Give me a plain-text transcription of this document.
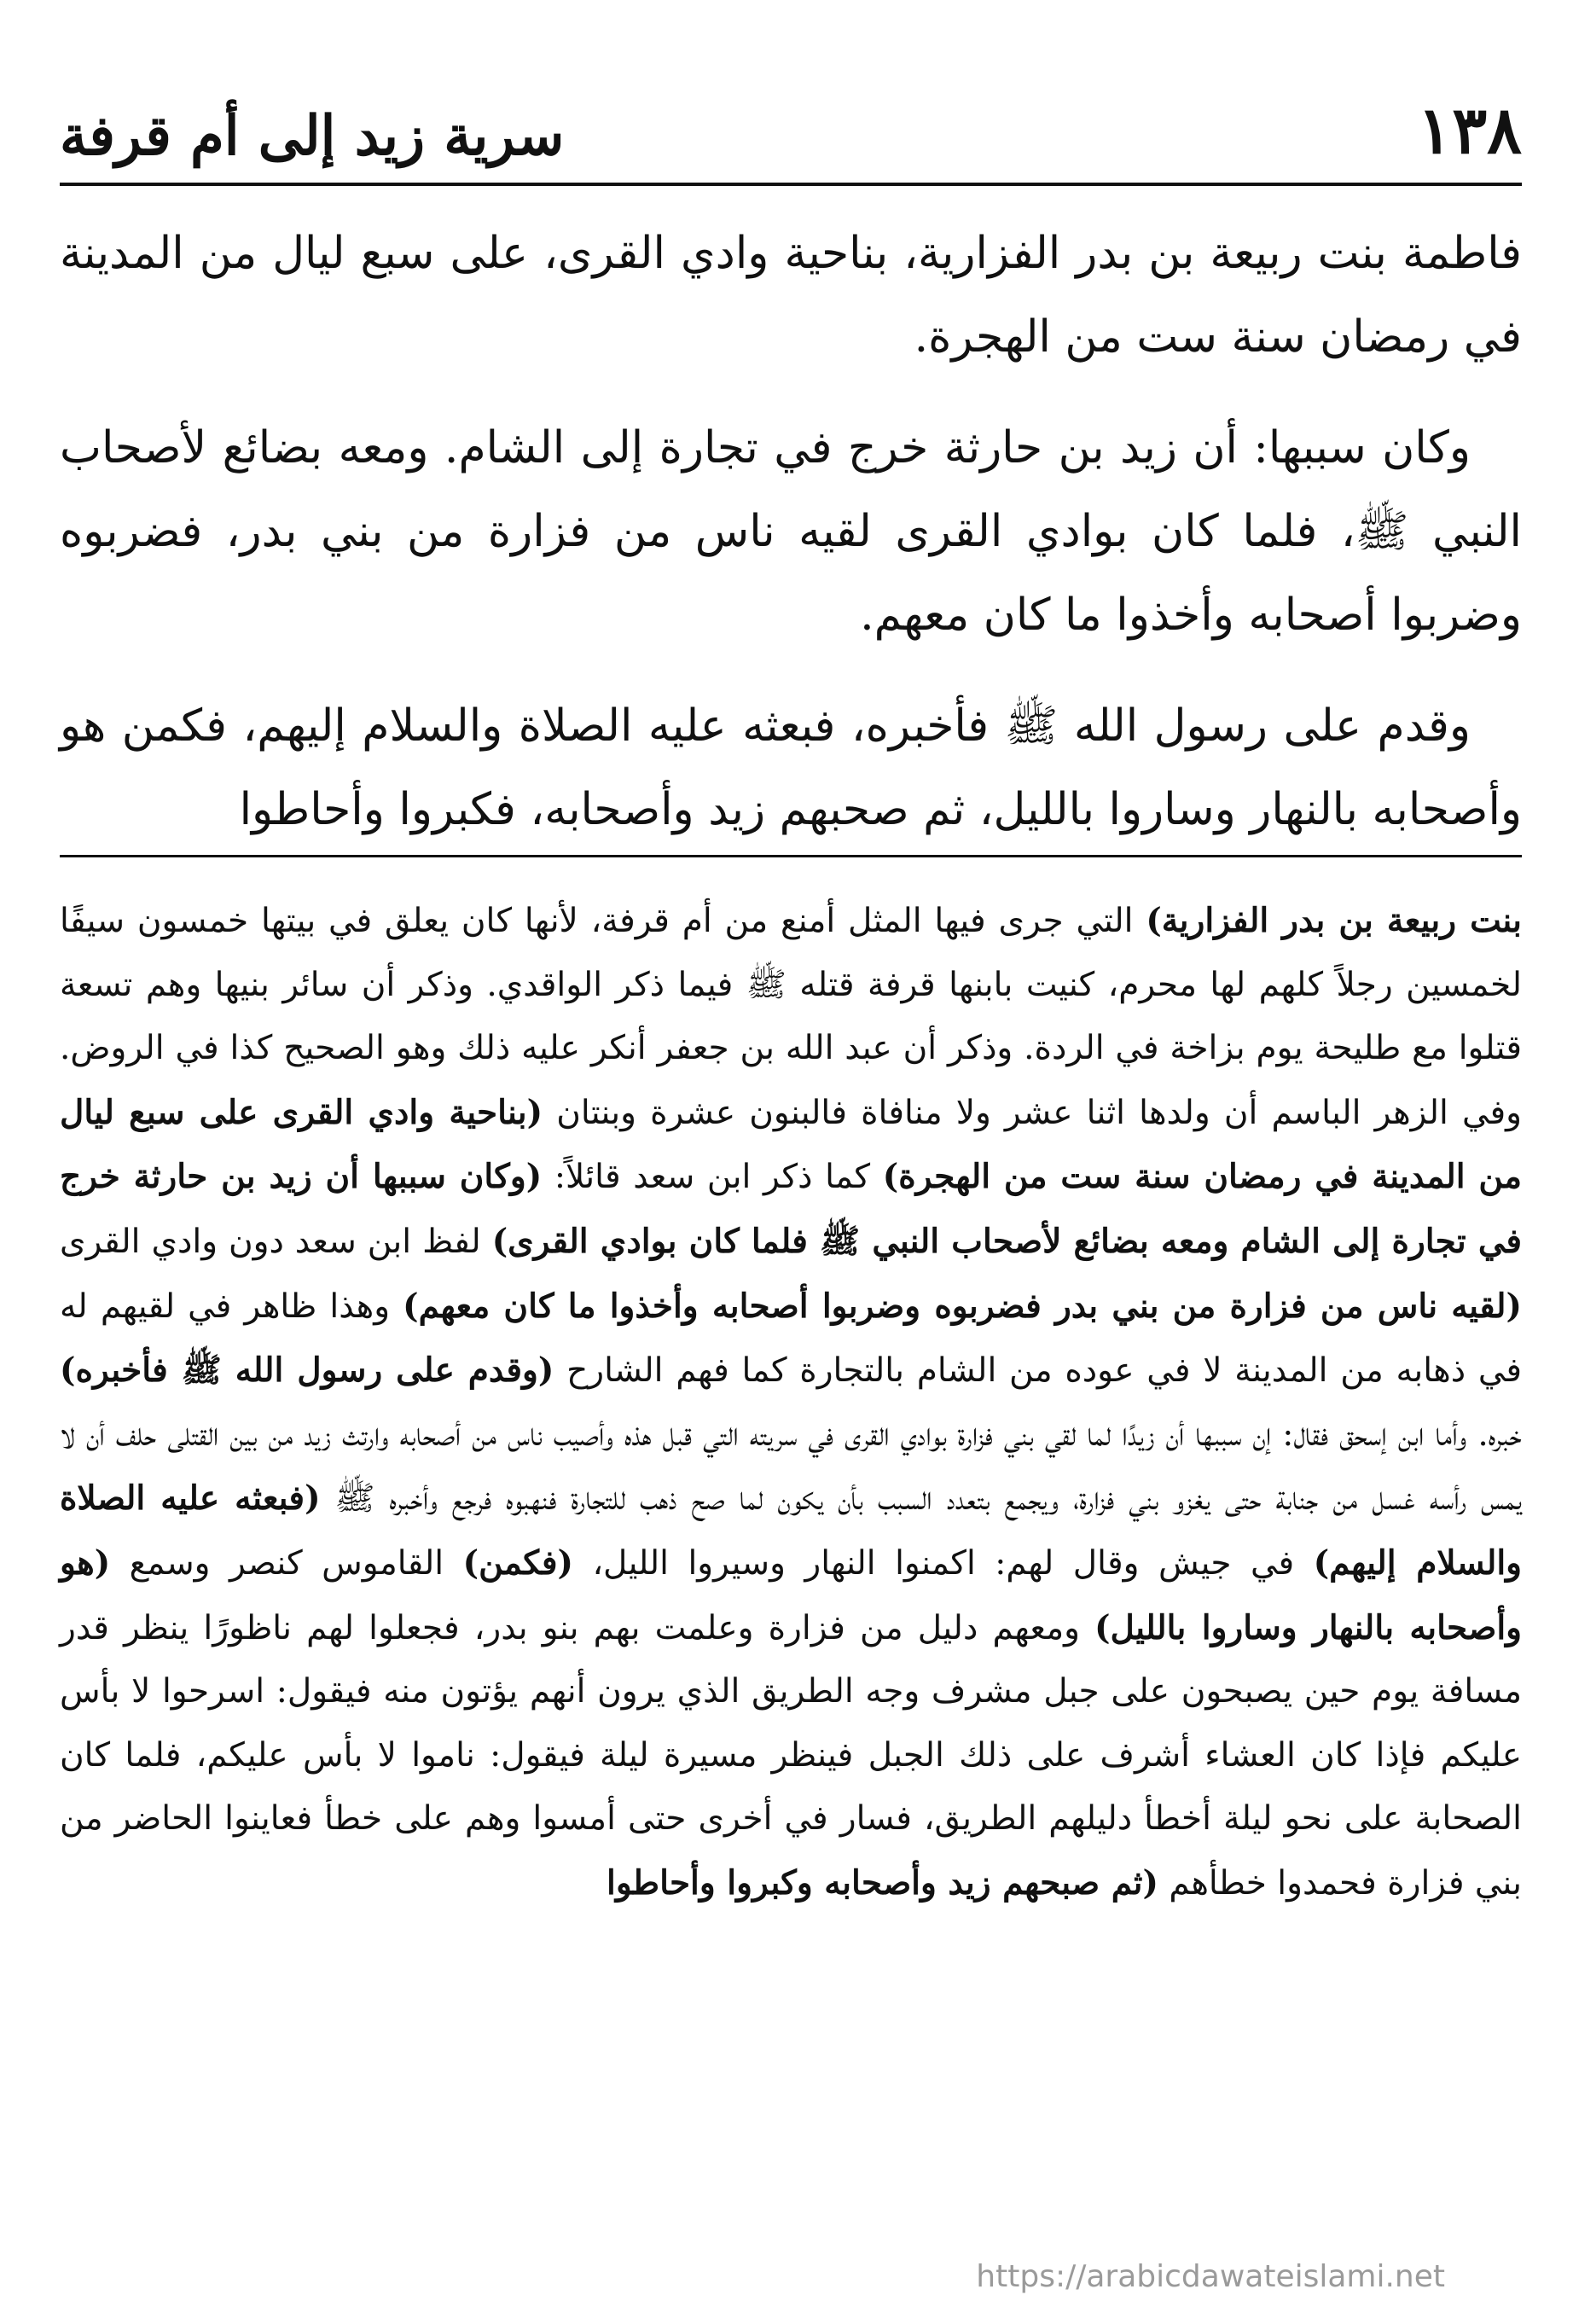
١٣٨
سرية زيد إلى أم قرفة

فاطمة بنت ربيعة بن بدر الفزارية، بناحية وادي القرى، على سبع ليال من المدينة في رمضان سنة ست من الهجرة.

وكان سببها: أن زيد بن حارثة خرج في تجارة إلى الشام. ومعه بضائع لأصحاب النبي ﷺ، فلما كان بوادي القرى لقيه ناس من فزارة من بني بدر، فضربوه وضربوا أصحابه وأخذوا ما كان معهم.

وقدم على رسول الله ﷺ فأخبره، فبعثه عليه الصلاة والسلام إليهم، فكمن هو وأصحابه بالنهار وساروا بالليل، ثم صحبهم زيد وأصحابه، فكبروا وأحاطوا

بنت ربيعة بن بدر الفزارية) التي جرى فيها المثل أمنع من أم قرفة، لأنها كان يعلق في بيتها خمسون سيفًا لخمسين رجلاً كلهم لها محرم، كنيت بابنها قرفة قتله ﷺ فيما ذكر الواقدي. وذكر أن سائر بنيها وهم تسعة قتلوا مع طليحة يوم بزاخة في الردة. وذكر أن عبد الله بن جعفر أنكر عليه ذلك وهو الصحيح كذا في الروض. وفي الزهر الباسم أن ولدها اثنا عشر ولا منافاة فالبنون عشرة وبنتان (بناحية وادي القرى على سبع ليال من المدينة في رمضان سنة ست من الهجرة) كما ذكر ابن سعد قائلاً: (وكان سببها أن زيد بن حارثة خرج في تجارة إلى الشام ومعه بضائع لأصحاب النبي ﷺ فلما كان بوادي القرى) لفظ ابن سعد دون وادي القرى (لقيه ناس من فزارة من بني بدر فضربوه وضربوا أصحابه وأخذوا ما كان معهم) وهذا ظاهر في لقيهم له في ذهابه من المدينة لا في عوده من الشام بالتجارة كما فهم الشارح (وقدم على رسول الله ﷺ فأخبره) خبره. وأما ابن إسحق فقال: إن سببها أن زيدًا لما لقي بني فزارة بوادي القرى في سريته التي قبل هذه وأصيب ناس من أصحابه وارتث زيد من بين القتلى حلف أن لا يمس رأسه غسل من جنابة حتى يغزو بني فزارة، ويجمع بتعدد السبب بأن يكون لما صح ذهب للتجارة فنهبوه فرجع وأخبره ﷺ (فبعثه عليه الصلاة والسلام إليهم) في جيش وقال لهم: اكمنوا النهار وسيروا الليل، (فكمن) القاموس كنصر وسمع (هو وأصحابه بالنهار وساروا بالليل) ومعهم دليل من فزارة وعلمت بهم بنو بدر، فجعلوا لهم ناظورًا ينظر قدر مسافة يوم حين يصبحون على جبل مشرف وجه الطريق الذي يرون أنهم يؤتون منه فيقول: اسرحوا لا بأس عليكم فإذا كان العشاء أشرف على ذلك الجبل فينظر مسيرة ليلة فيقول: ناموا لا بأس عليكم، فلما كان الصحابة على نحو ليلة أخطأ دليلهم الطريق، فسار في أخرى حتى أمسوا وهم على خطأ فعاينوا الحاضر من بني فزارة فحمدوا خطأهم (ثم صبحهم زيد وأصحابه وكبروا وأحاطوا

https://arabicdawateislami.net
